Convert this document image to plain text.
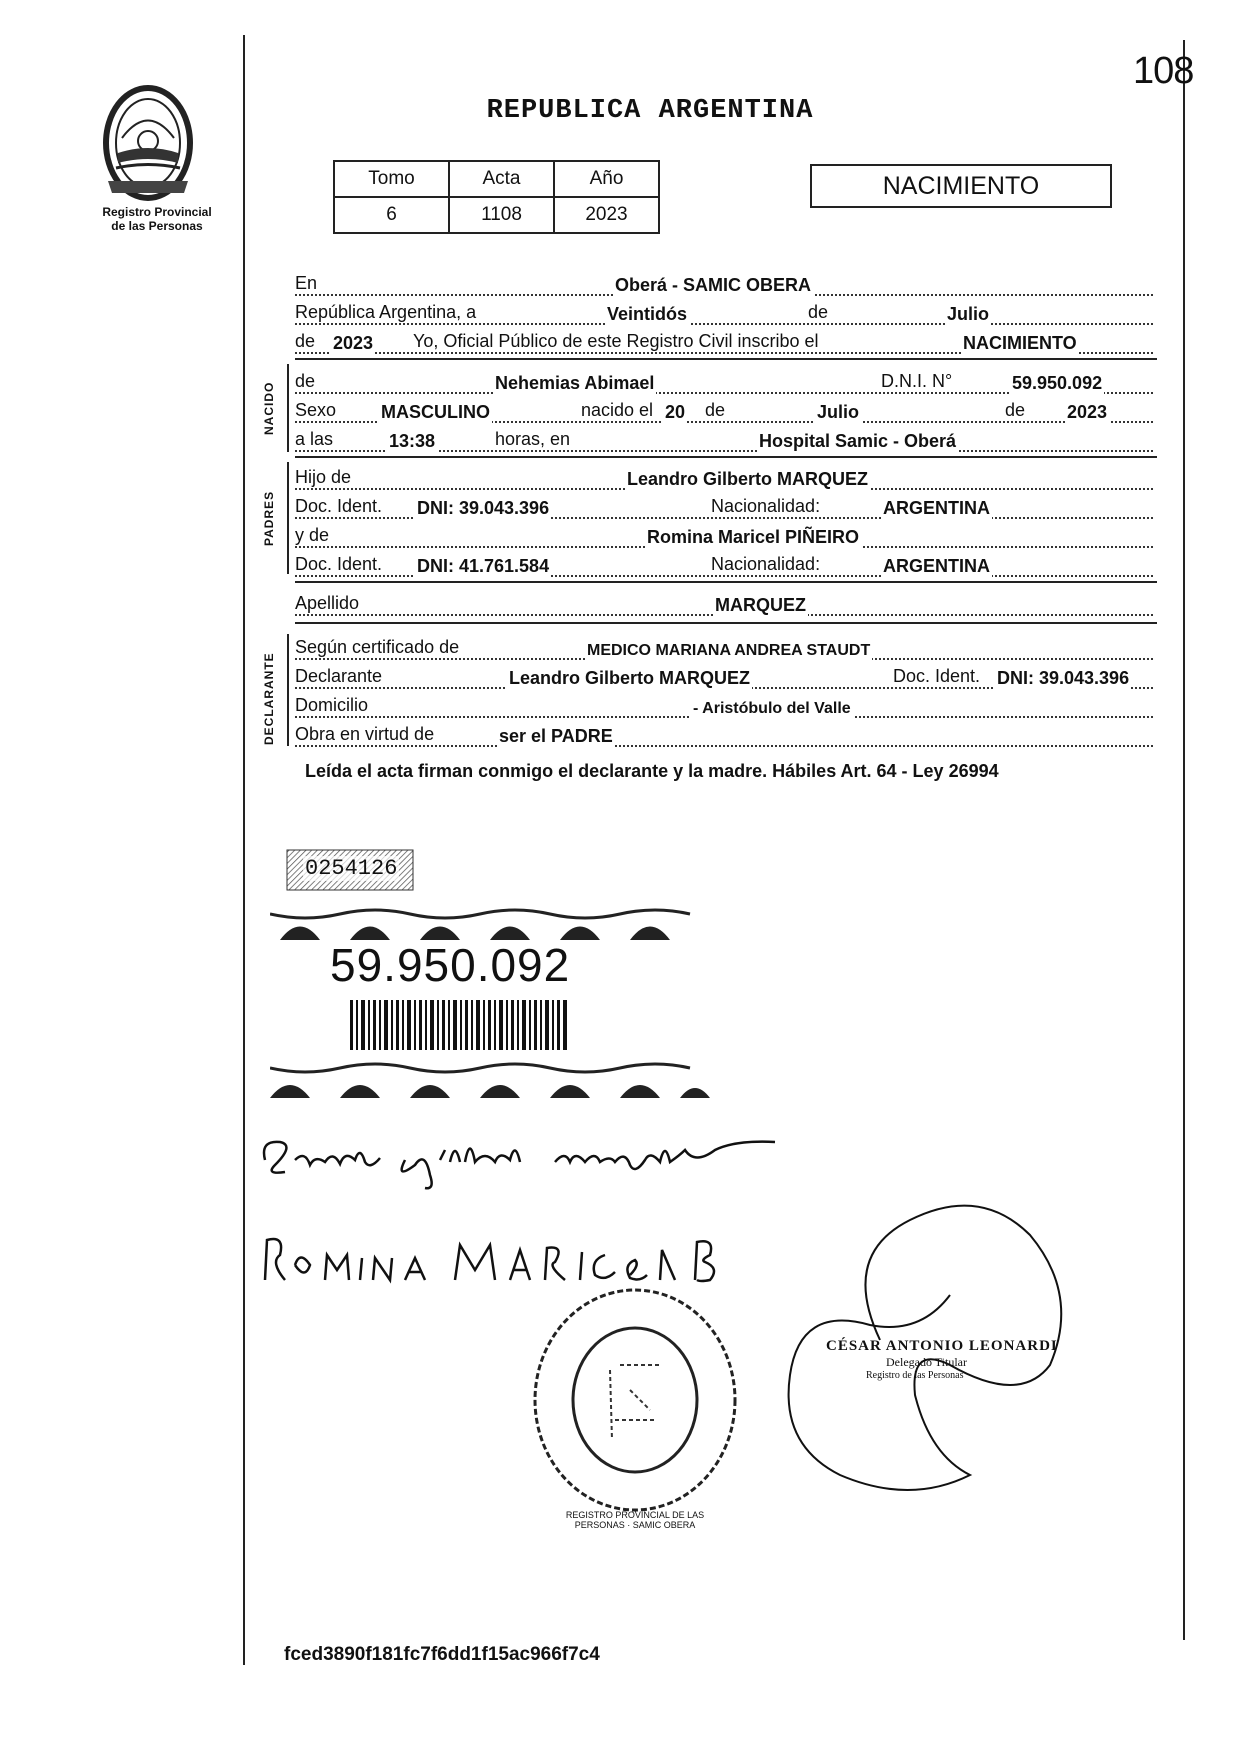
108
Registro Provincial
de las Personas
REPUBLICA ARGENTINA
Tomo	Acta	Año
6	1108	2023
NACIMIENTO
En	Oberá - SAMIC OBERA
República Argentina, a	Veintidós	de	Julio
de 2023 Yo, Oficial Público de este Registro Civil inscribo el	NACIMIENTO
NACIDO
de	Nehemias Abimael	D.N.I. N°	59.950.092
Sexo MASCULINO	nacido el 20 de	Julio	de 2023
a las	13:38	horas, en	Hospital Samic - Oberá
PADRES
Hijo de	Leandro Gilberto MARQUEZ
Doc. Ident. DNI: 39.043.396	Nacionalidad:	ARGENTINA
y de	Romina Maricel PIÑEIRO
Doc. Ident. DNI: 41.761.584	Nacionalidad:	ARGENTINA
Apellido	MARQUEZ
DECLARANTE
Según certificado de	MEDICO MARIANA ANDREA STAUDT
Declarante	Leandro Gilberto MARQUEZ	Doc. Ident. DNI: 39.043.396
Domicilio	- Aristóbulo del Valle
Obra en virtud de	ser el PADRE
Leída el acta firman conmigo el declarante y la madre. Hábiles Art. 64 - Ley 26994
0254126
59.950.092
REGISTRO PROVINCIAL DE LAS PERSONAS · SAMIC OBERA
CÉSAR ANTONIO LEONARDI
Delegado Titular
Registro de las Personas
fced3890f181fc7f6dd1f15ac966f7c4
